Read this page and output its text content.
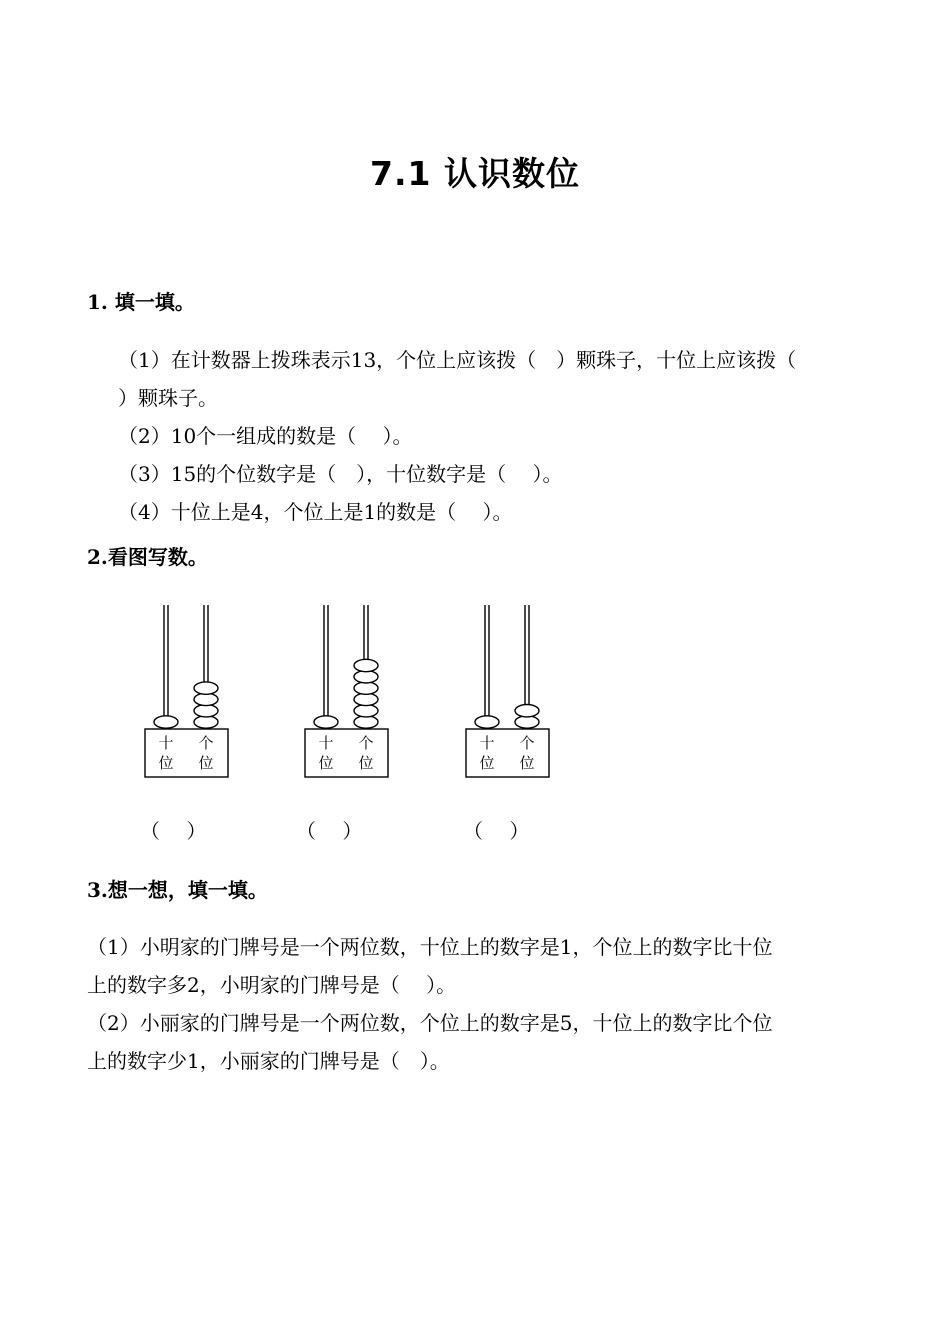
7.1 认识数位
1. 填一填。
（1）在计数器上拨珠表示13，个位上应该拨（　）颗珠子，十位上应该拨（
）颗珠子。
（2）10个一组成的数是（　 ）。
（3）15的个位数字是（　），十位数字是（　 ）。
（4）十位上是4，个位上是1的数是（　 ）。
2.看图写数。
十
位
个
位
十
位
个
位
十
位
个
位
（　 ）	（　 ）	（　 ）
3.想一想，填一填。
（1）小明家的门牌号是一个两位数，十位上的数字是1，个位上的数字比十位
上的数字多2，小明家的门牌号是（　 ）。
（2）小丽家的门牌号是一个两位数，个位上的数字是5，十位上的数字比个位
上的数字少1，小丽家的门牌号是（　）。
